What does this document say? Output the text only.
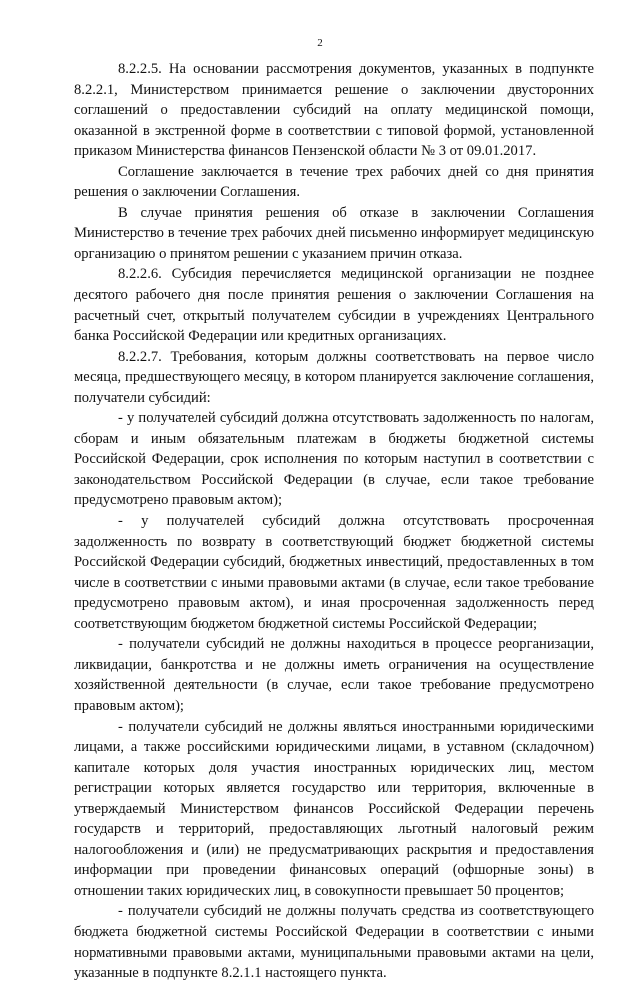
2

8.2.2.5. На основании рассмотрения документов, указанных в подпункте 8.2.2.1, Министерством принимается решение о заключении двусторонних соглашений о предоставлении субсидий на оплату медицинской помощи, оказанной в экстренной форме в соответствии с типовой формой, установленной приказом Министерства финансов Пензенской области № 3 от 09.01.2017.

Соглашение заключается в течение трех рабочих дней со дня принятия решения о заключении Соглашения.

В случае принятия решения об отказе в заключении Соглашения Министерство в течение трех рабочих дней письменно информирует медицинскую организацию о принятом решении с указанием причин отказа.

8.2.2.6. Субсидия перечисляется медицинской организации не позднее десятого рабочего дня после принятия решения о заключении Соглашения на расчетный счет, открытый получателем субсидии в учреждениях Центрального банка Российской Федерации или кредитных организациях.

8.2.2.7. Требования, которым должны соответствовать на первое число месяца, предшествующего месяцу, в котором планируется заключение соглашения, получатели субсидий:

- у получателей субсидий должна отсутствовать задолженность по налогам, сборам и иным обязательным платежам в бюджеты бюджетной системы Российской Федерации, срок исполнения по которым наступил в соответствии с законодательством Российской Федерации (в случае, если такое требование предусмотрено правовым актом);

- у получателей субсидий должна отсутствовать просроченная задолженность по возврату в соответствующий бюджет бюджетной системы Российской Федерации субсидий, бюджетных инвестиций, предоставленных в том числе в соответствии с иными правовыми актами (в случае, если такое требование предусмотрено правовым актом), и иная просроченная задолженность перед соответствующим бюджетом бюджетной системы Российской Федерации;

- получатели субсидий не должны находиться в процессе реорганизации, ликвидации, банкротства и не должны иметь ограничения на осуществление хозяйственной деятельности (в случае, если такое требование предусмотрено правовым актом);

- получатели субсидий не должны являться иностранными юридическими лицами, а также российскими юридическими лицами, в уставном (складочном) капитале которых доля участия иностранных юридических лиц, местом регистрации которых является государство или территория, включенные в утверждаемый Министерством финансов Российской Федерации перечень государств и территорий, предоставляющих льготный налоговый режим налогообложения и (или) не предусматривающих раскрытия и предоставления информации при проведении финансовых операций (офшорные зоны) в отношении таких юридических лиц, в совокупности превышает 50 процентов;

- получатели субсидий не должны получать средства из соответствующего бюджета бюджетной системы Российской Федерации в соответствии с иными нормативными правовыми актами, муниципальными правовыми актами на цели, указанные в подпункте 8.2.1.1 настоящего пункта.
